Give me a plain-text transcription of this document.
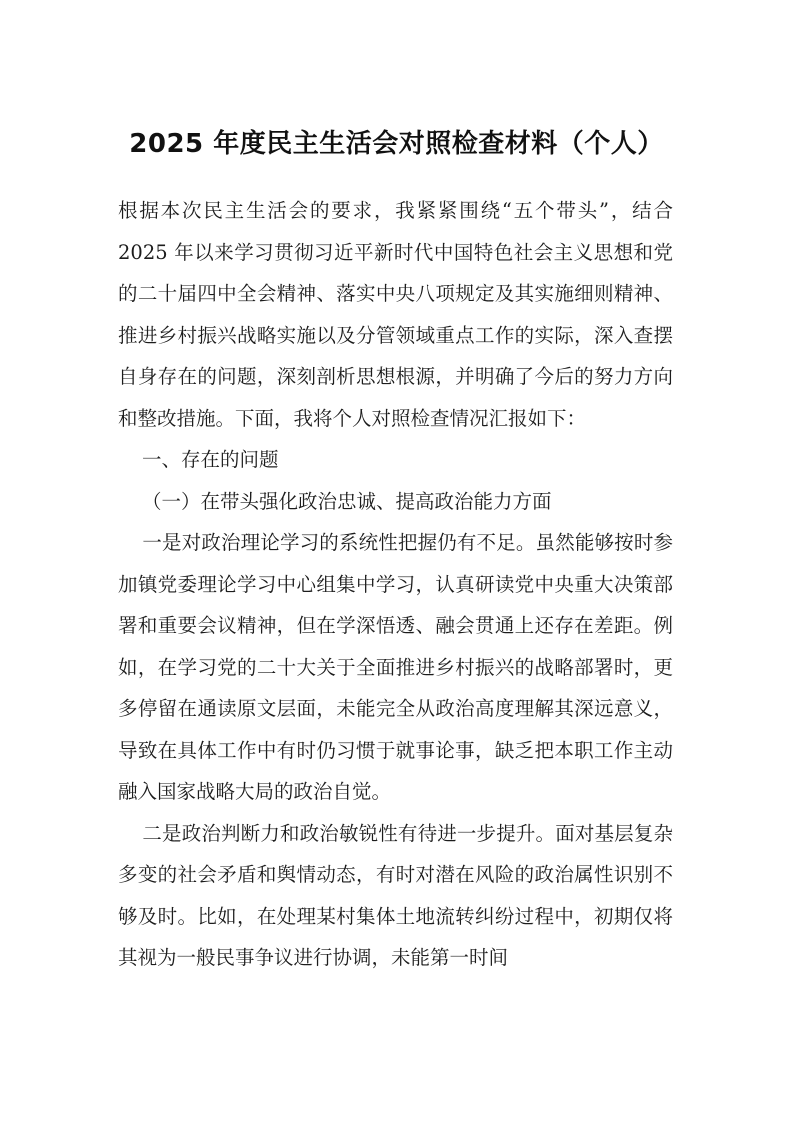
2025 年度民主生活会对照检查材料（个人）

根据本次民主生活会的要求，我紧紧围绕“五个带头”，结合2025 年以来学习贯彻习近平新时代中国特色社会主义思想和党的二十届四中全会精神、落实中央八项规定及其实施细则精神、推进乡村振兴战略实施以及分管领域重点工作的实际，深入查摆自身存在的问题，深刻剖析思想根源，并明确了今后的努力方向和整改措施。下面，我将个人对照检查情况汇报如下：

一、存在的问题

（一）在带头强化政治忠诚、提高政治能力方面

一是对政治理论学习的系统性把握仍有不足。虽然能够按时参加镇党委理论学习中心组集中学习，认真研读党中央重大决策部署和重要会议精神，但在学深悟透、融会贯通上还存在差距。例如，在学习党的二十大关于全面推进乡村振兴的战略部署时，更多停留在通读原文层面，未能完全从政治高度理解其深远意义，导致在具体工作中有时仍习惯于就事论事，缺乏把本职工作主动融入国家战略大局的政治自觉。

二是政治判断力和政治敏锐性有待进一步提升。面对基层复杂多变的社会矛盾和舆情动态，有时对潜在风险的政治属性识别不够及时。比如，在处理某村集体土地流转纠纷过程中，初期仅将其视为一般民事争议进行协调，未能第一时间
